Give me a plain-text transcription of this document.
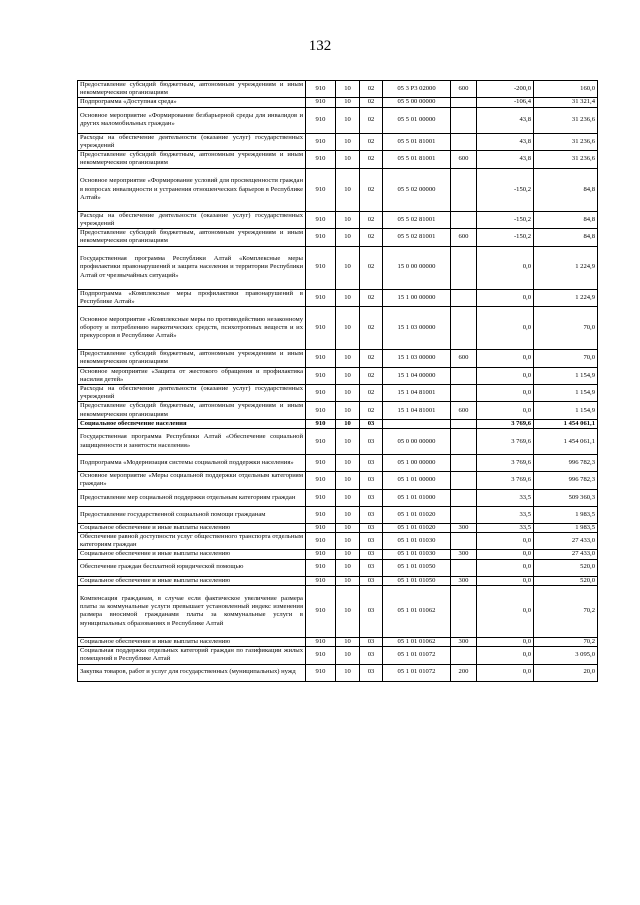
132
Предоставление субсидий бюджетным, автономным учреждениям и иным некоммерческим организациям	910	10	02	05 3 P3 02000	600	-200,0	160,0
Подпрограмма «Доступная среда»	910	10	02	05 5 00 00000		-106,4	31 321,4
Основное мероприятие «Формирование безбарьерной среды для инвалидов и других маломобильных граждан»	910	10	02	05 5 01 00000		43,8	31 236,6
Расходы на обеспечение деятельности (оказание услуг) государственных учреждений	910	10	02	05 5 01 81001		43,8	31 236,6
Предоставление субсидий бюджетным, автономным учреждениям и иным некоммерческим организациям	910	10	02	05 5 01 81001	600	43,8	31 236,6
Основное мероприятие «Формирование условий для просвещенности граждан в вопросах инвалидности и устранения отношенческих барьеров в Республике Алтай»	910	10	02	05 5 02 00000		-150,2	84,8
Расходы на обеспечение деятельности (оказание услуг) государственных учреждений	910	10	02	05 5 02 81001		-150,2	84,8
Предоставление субсидий бюджетным, автономным учреждениям и иным некоммерческим организациям	910	10	02	05 5 02 81001	600	-150,2	84,8
Государственная программа Республики Алтай «Комплексные меры профилактики правонарушений и защита населения и территории Республики Алтай от чрезвычайных ситуаций»	910	10	02	15 0 00 00000		0,0	1 224,9
Подпрограмма «Комплексные меры профилактики правонарушений в Республике Алтай»	910	10	02	15 1 00 00000		0,0	1 224,9
Основное мероприятие «Комплексные меры по противодействию незаконному обороту и потреблению наркотических средств, психотропных веществ и их прекурсоров в Республике Алтай»	910	10	02	15 1 03 00000		0,0	70,0
Предоставление субсидий бюджетным, автономным учреждениям и иным некоммерческим организациям	910	10	02	15 1 03 00000	600	0,0	70,0
Основное мероприятие «Защита от жестокого обращения и профилактика насилия детей»	910	10	02	15 1 04 00000		0,0	1 154,9
Расходы на обеспечение деятельности (оказание услуг) государственных учреждений	910	10	02	15 1 04 81001		0,0	1 154,9
Предоставление субсидий бюджетным, автономным учреждениям и иным некоммерческим организациям	910	10	02	15 1 04 81001	600	0,0	1 154,9
Социальное обеспечение населения	910	10	03			3 769,6	1 454 061,1
Государственная программа Республики Алтай «Обеспечение социальной защищенности и занятости населения»	910	10	03	05 0 00 00000		3 769,6	1 454 061,1
Подпрограмма «Модернизация системы социальной поддержки населения»	910	10	03	05 1 00 00000		3 769,6	996 782,3
Основное мероприятие «Меры социальной поддержки отдельным категориям граждан»	910	10	03	05 1 01 00000		3 769,6	996 782,3
Предоставление мер социальной поддержки отдельным категориям граждан	910	10	03	05 1 01 01000		33,5	509 360,3
Предоставление государственной социальной помощи гражданам	910	10	03	05 1 01 01020		33,5	1 983,5
Социальное обеспечение и иные выплаты населению	910	10	03	05 1 01 01020	300	33,5	1 983,5
Обеспечение равной доступности услуг общественного транспорта отдельным категориям граждан	910	10	03	05 1 01 01030		0,0	27 433,0
Социальное обеспечение и иные выплаты населению	910	10	03	05 1 01 01030	300	0,0	27 433,0
Обеспечение граждан бесплатной юридической помощью	910	10	03	05 1 01 01050		0,0	520,0
Социальное обеспечение и иные выплаты населению	910	10	03	05 1 01 01050	300	0,0	520,0
Компенсация гражданам, в случае если фактическое увеличение размера платы за коммунальные услуги превышает установленный индекс изменения размера вносимой гражданами платы за коммунальные услуги в муниципальных образованиях в Республике Алтай	910	10	03	05 1 01 01062		0,0	70,2
Социальное обеспечение и иные выплаты населению	910	10	03	05 1 01 01062	300	0,0	70,2
Социальная поддержка отдельных категорий граждан по газификации жилых помещений в Республике Алтай	910	10	03	05 1 01 01072		0,0	3 095,0
Закупка товаров, работ и услуг для государственных (муниципальных) нужд	910	10	03	05 1 01 01072	200	0,0	20,0
